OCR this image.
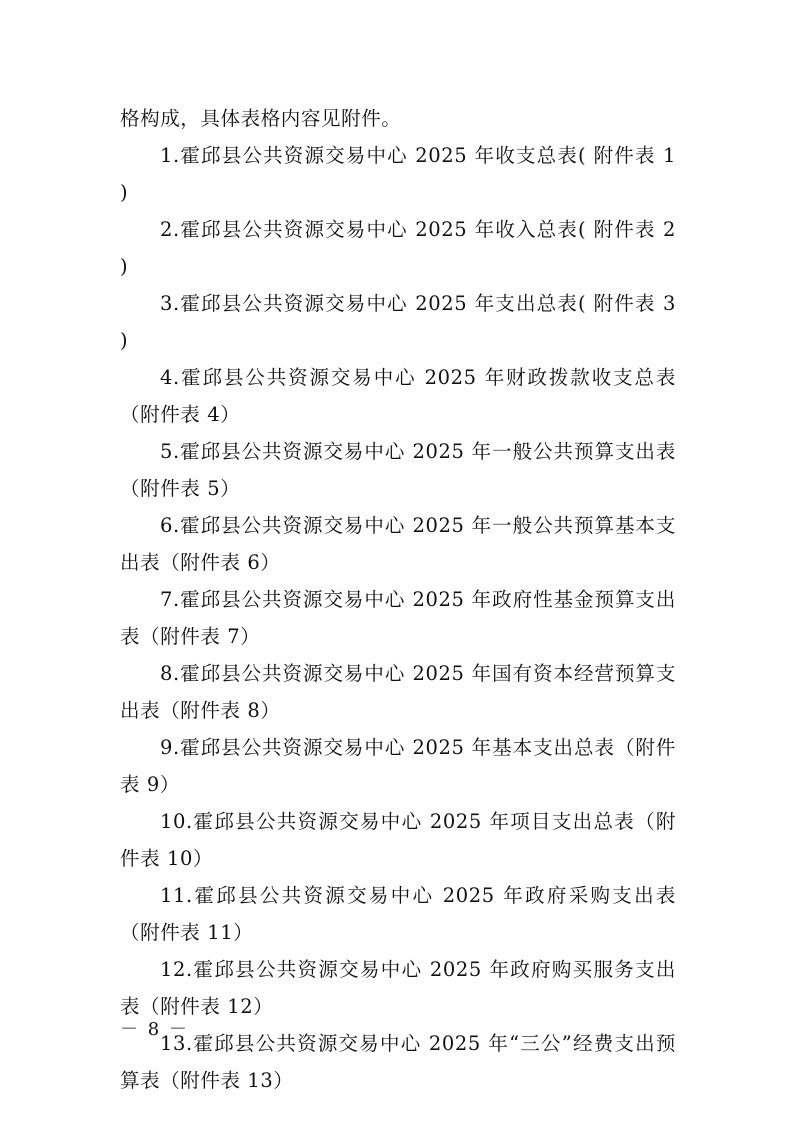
格构成，具体表格内容见附件。

1.霍邱县公共资源交易中心 2025 年收支总表( 附件表 1 )

2.霍邱县公共资源交易中心 2025 年收入总表( 附件表 2 )

3.霍邱县公共资源交易中心 2025 年支出总表( 附件表 3 )

4.霍邱县公共资源交易中心 2025 年财政拨款收支总表（附件表 4）

5.霍邱县公共资源交易中心 2025 年一般公共预算支出表（附件表 5）

6.霍邱县公共资源交易中心 2025 年一般公共预算基本支出表（附件表 6）

7.霍邱县公共资源交易中心 2025 年政府性基金预算支出表（附件表 7）

8.霍邱县公共资源交易中心 2025 年国有资本经营预算支出表（附件表 8）

9.霍邱县公共资源交易中心 2025 年基本支出总表（附件表 9）

10.霍邱县公共资源交易中心 2025 年项目支出总表（附件表 10）

11.霍邱县公共资源交易中心 2025 年政府采购支出表（附件表 11）

12.霍邱县公共资源交易中心 2025 年政府购买服务支出表（附件表 12）

13.霍邱县公共资源交易中心 2025 年“三公”经费支出预算表（附件表 13）

－ 8 －
